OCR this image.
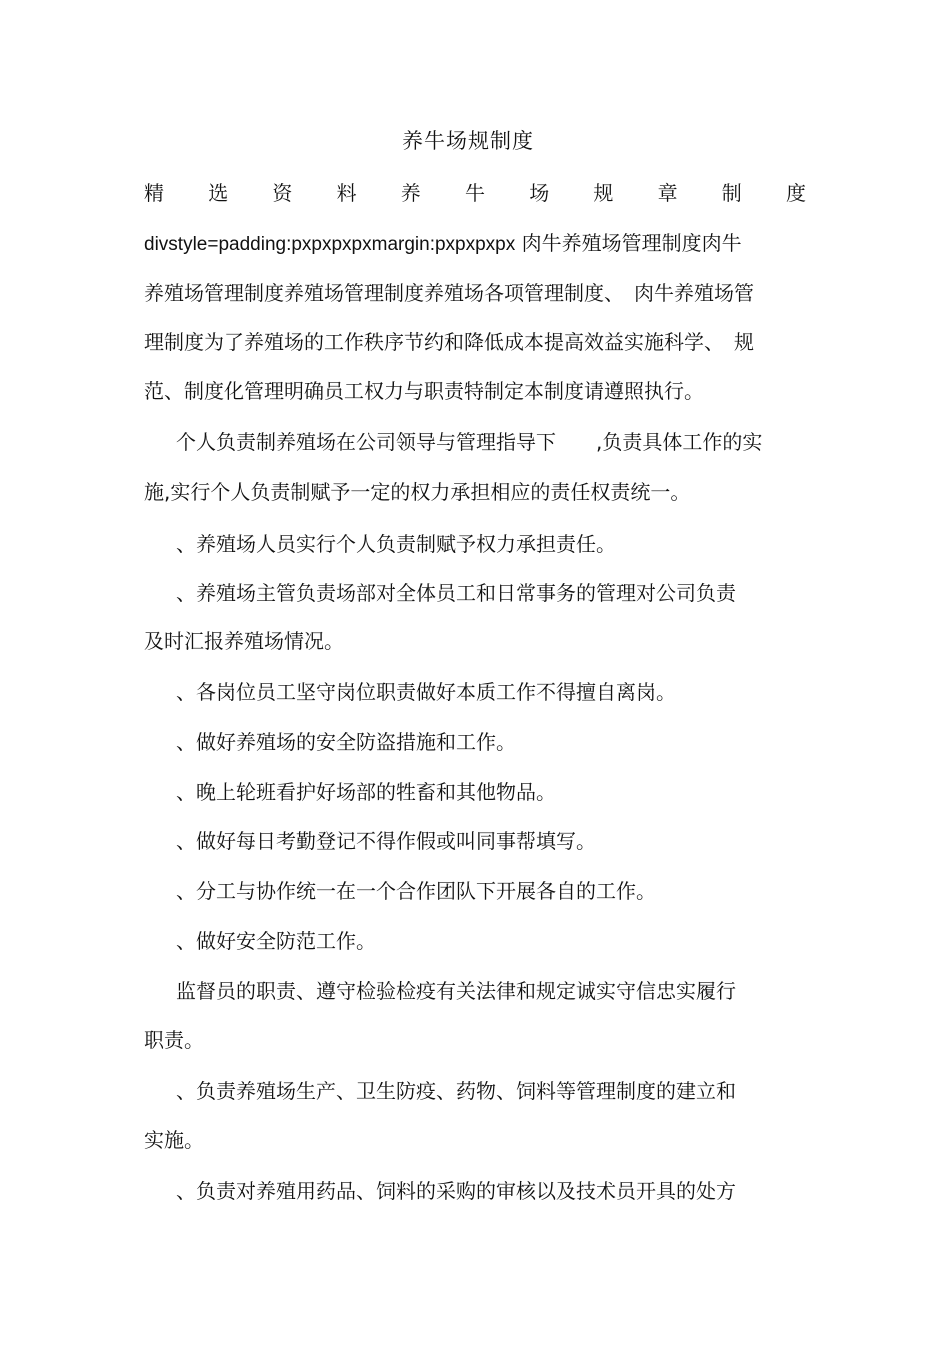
养牛场规制度
精选资料养牛场规章制度
divstyle=padding:pxpxpxpxmargin:pxpxpxpx 肉牛养殖场管理制度肉牛
养殖场管理制度养殖场管理制度养殖场各项管理制度、　肉牛养殖场管
理制度为了养殖场的工作秩序节约和降低成本提高效益实施科学、　规
范、制度化管理明确员工权力与职责特制定本制度请遵照执行。
个人负责制养殖场在公司领导与管理指导下　　,负责具体工作的实
施,实行个人负责制赋予一定的权力承担相应的责任权责统一。
、养殖场人员实行个人负责制赋予权力承担责任。
、养殖场主管负责场部对全体员工和日常事务的管理对公司负责
及时汇报养殖场情况。
、各岗位员工坚守岗位职责做好本质工作不得擅自离岗。
、做好养殖场的安全防盗措施和工作。
、晚上轮班看护好场部的牲畜和其他物品。
、做好每日考勤登记不得作假或叫同事帮填写。
、分工与协作统一在一个合作团队下开展各自的工作。
、做好安全防范工作。
监督员的职责、遵守检验检疫有关法律和规定诚实守信忠实履行
职责。
、负责养殖场生产、卫生防疫、药物、饲料等管理制度的建立和
实施。
、负责对养殖用药品、饲料的采购的审核以及技术员开具的处方
